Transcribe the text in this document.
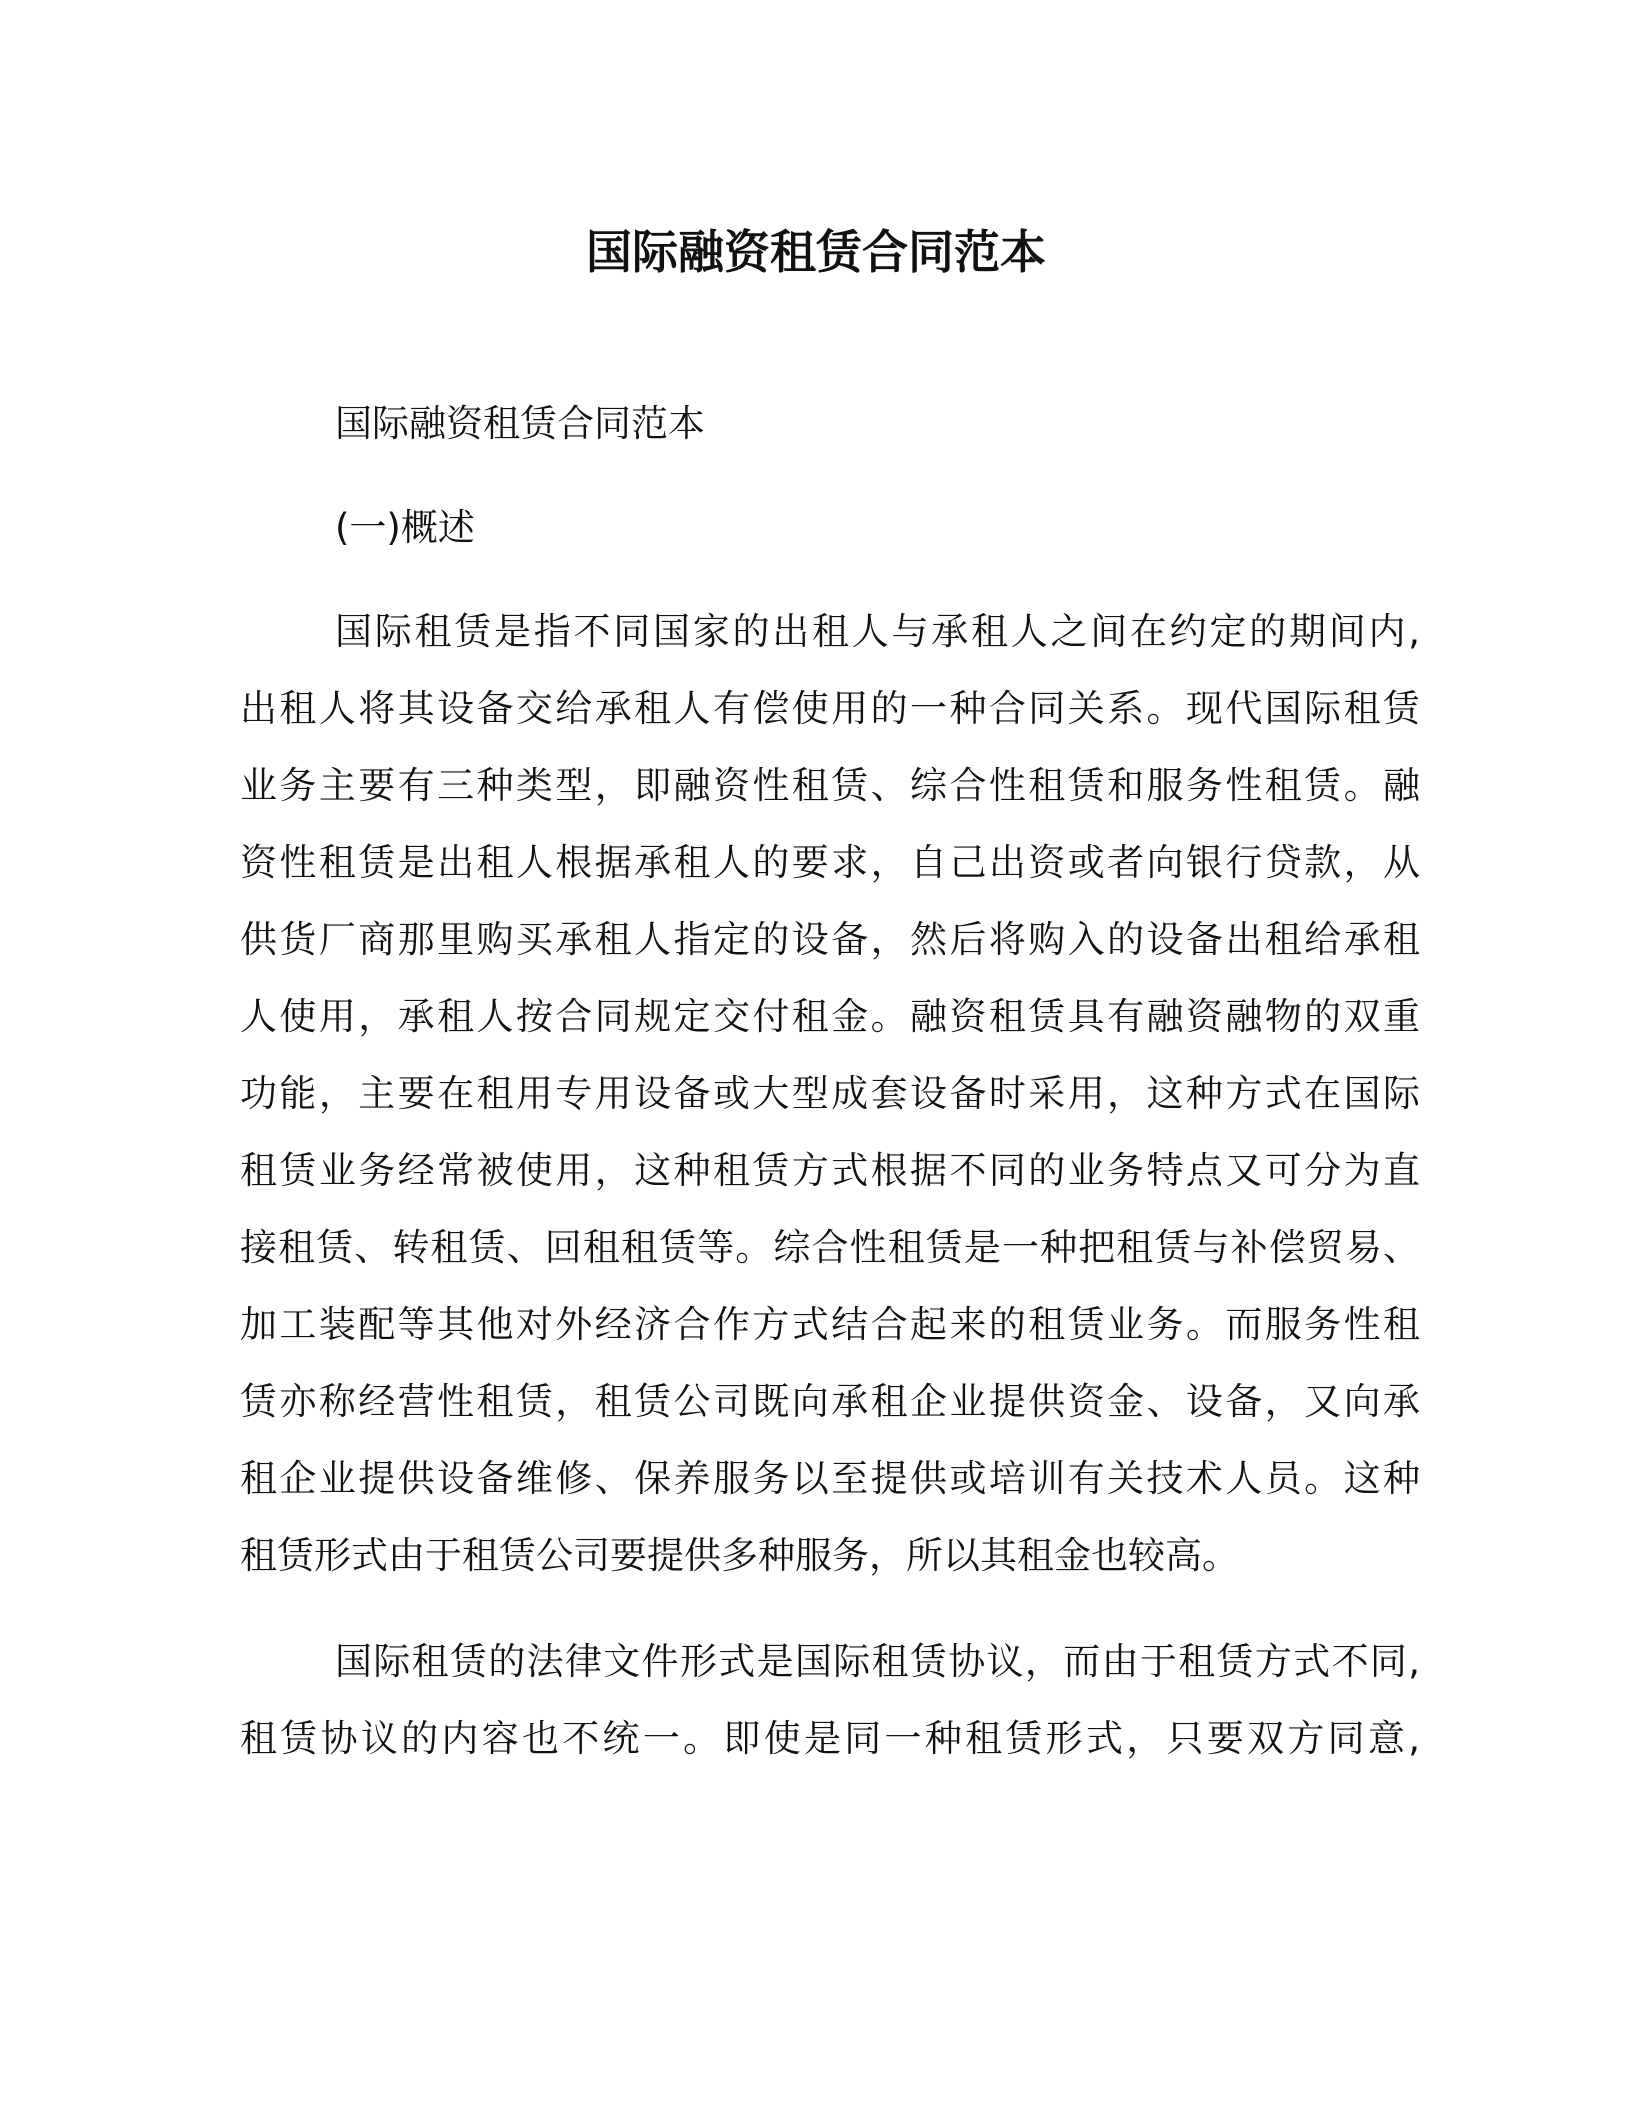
国际融资租赁合同范本
国际融资租赁合同范本
(一)概述
国际租赁是指不同国家的出租人与承租人之间在约定的期间内,
出租人将其设备交给承租人有偿使用的一种合同关系。现代国际租赁
业务主要有三种类型，即融资性租赁、综合性租赁和服务性租赁。融
资性租赁是出租人根据承租人的要求，自己出资或者向银行贷款，从
供货厂商那里购买承租人指定的设备，然后将购入的设备出租给承租
人使用，承租人按合同规定交付租金。融资租赁具有融资融物的双重
功能，主要在租用专用设备或大型成套设备时采用，这种方式在国际
租赁业务经常被使用，这种租赁方式根据不同的业务特点又可分为直
接租赁、转租赁、回租租赁等。综合性租赁是一种把租赁与补偿贸易、
加工装配等其他对外经济合作方式结合起来的租赁业务。而服务性租
赁亦称经营性租赁，租赁公司既向承租企业提供资金、设备，又向承
租企业提供设备维修、保养服务以至提供或培训有关技术人员。这种
租赁形式由于租赁公司要提供多种服务，所以其租金也较高。
国际租赁的法律文件形式是国际租赁协议，而由于租赁方式不同,
租赁协议的内容也不统一。即使是同一种租赁形式，只要双方同意,
